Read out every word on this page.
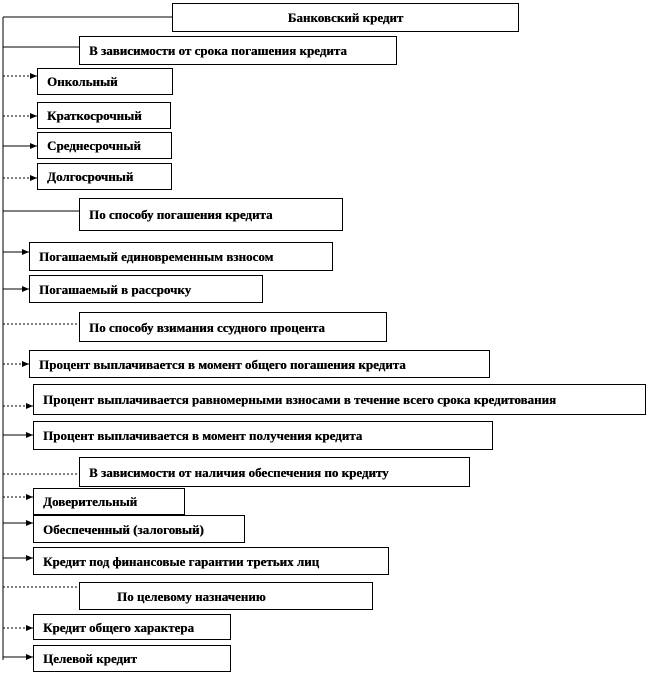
Банковский кредит
В зависимости от срока погашения кредита
Онкольный
Краткосрочный
Среднесрочный
Долгосрочный
По способу погашения кредита
Погашаемый единовременным взносом
Погашаемый в рассрочку
По способу взимания ссудного процента
Процент выплачивается в момент общего погашения кредита
Процент выплачивается равномерными взносами в течение всего срока кредитования
Процент выплачивается в момент получения кредита
В зависимости от наличия обеспечения по кредиту
Доверительный
Обеспеченный (залоговый)
Кредит под финансовые гарантии третьих лиц
По целевому назначению
Кредит общего характера
Целевой кредит
